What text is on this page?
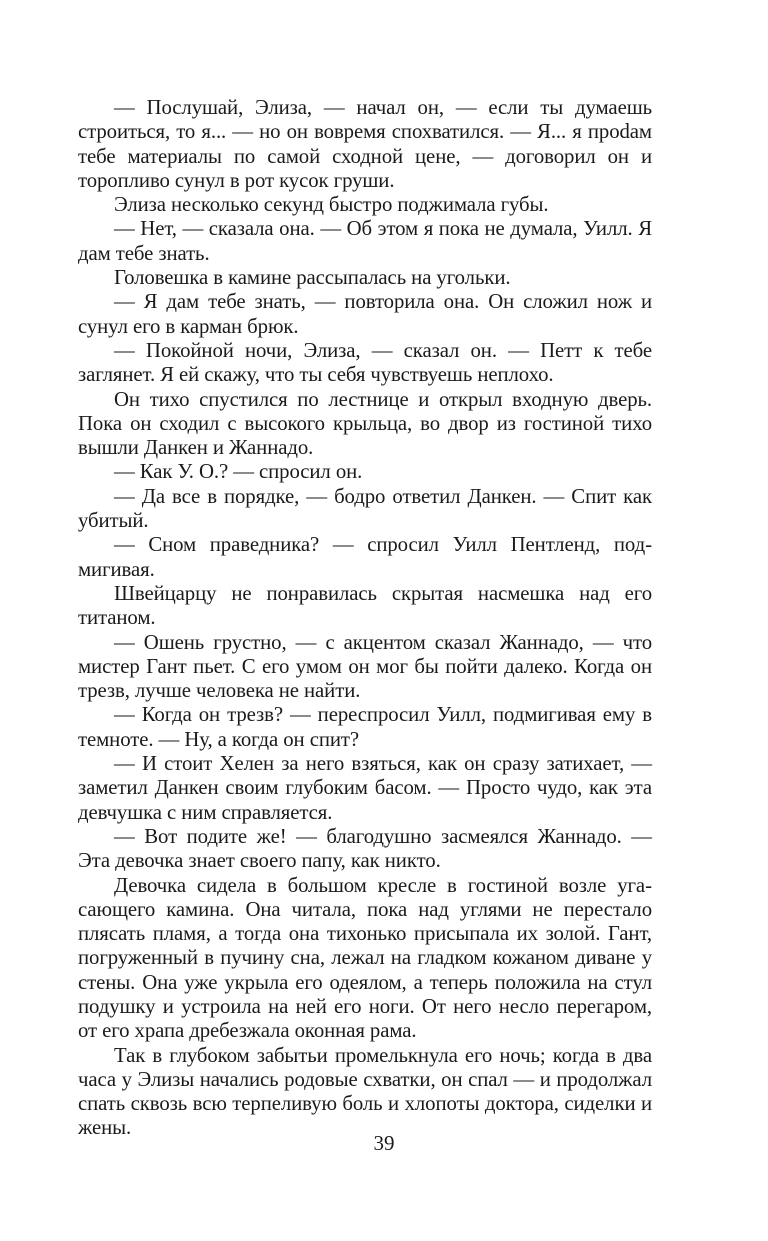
— Послушай, Элиза, — начал он, — если ты думаешь строиться, то я... — но он вовремя спохватился. — Я... я проdам тебе материалы по самой сходной цене, — договорил он и торопливо сунул в рот кусок груши.

Элиза несколько секунд быстро поджимала губы.

— Нет, — сказала она. — Об этом я пока не думала, Уилл. Я дам тебе знать.

Головешка в камине рассыпалась на угольки.

— Я дам тебе знать, — повторила она. Он сложил нож и сунул его в карман брюк.

— Покойной ночи, Элиза, — сказал он. — Петт к тебе заглянет. Я ей скажу, что ты себя чувствуешь неплохо.

Он тихо спустился по лестнице и открыл входную дверь. Пока он сходил с высокого крыльца, во двор из гостиной тихо вышли Данкен и Жаннадо.

— Как У. О.? — спросил он.

— Да все в порядке, — бодро ответил Данкен. — Спит как убитый.

— Сном праведника? — спросил Уилл Пентленд, подмигивая.

Швейцарцу не понравилась скрытая насмешка над его титаном.

— Ошень грустно, — с акцентом сказал Жаннадо, — что мистер Гант пьет. С его умом он мог бы пойти далеко. Когда он трезв, лучше человека не найти.

— Когда он трезв? — переспросил Уилл, подмигивая ему в темноте. — Ну, а когда он спит?

— И стоит Хелен за него взяться, как он сразу затихает, — заметил Данкен своим глубоким басом. — Просто чудо, как эта девчушка с ним справляется.

— Вот подите же! — благодушно засмеялся Жаннадо. — Эта девочка знает своего папу, как никто.

Девочка сидела в большом кресле в гостиной возле угасающего камина. Она читала, пока над углями не перестало плясать пламя, а тогда она тихонько присыпала их золой. Гант, погруженный в пучину сна, лежал на гладком кожаном диване у стены. Она уже укрыла его одеялом, а теперь положила на стул подушку и устроила на ней его ноги. От него несло перегаром, от его храпа дребезжала оконная рама.

Так в глубоком забытьи промелькнула его ночь; когда в два часа у Элизы начались родовые схватки, он спал — и продолжал спать сквозь всю терпеливую боль и хлопоты доктора, сиделки и жены.

39
